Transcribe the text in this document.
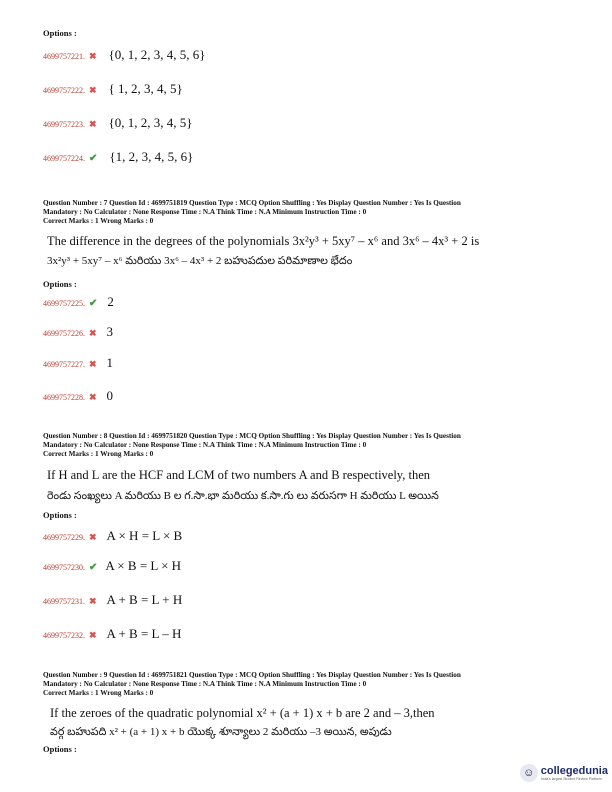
Options :
4699757221. ✖ {0, 1, 2, 3, 4, 5, 6}
4699757222. ✖ { 1, 2, 3, 4, 5}
4699757223. ✖ {0, 1, 2, 3, 4, 5}
4699757224. ✔ {1, 2, 3, 4, 5, 6}
Question Number : 7 Question Id : 4699751819 Question Type : MCQ Option Shuffling : Yes Display Question Number : Yes Is Question
Mandatory : No Calculator : None Response Time : N.A Think Time : N.A Minimum Instruction Time : 0
Correct Marks : 1 Wrong Marks : 0
The difference in the degrees of the polynomials 3x²y³ + 5xy⁷ – x⁶ and 3x⁶ – 4x³ + 2 is
3x²y³ + 5xy⁷ – x⁶ మరియు 3x⁶ – 4x³ + 2 బహుపదుల పరిమాణాల భేదం
Options :
4699757225. ✔ 2
4699757226. ✖ 3
4699757227. ✖ 1
4699757228. ✖ 0
Question Number : 8 Question Id : 4699751820 Question Type : MCQ Option Shuffling : Yes Display Question Number : Yes Is Question
Mandatory : No Calculator : None Response Time : N.A Think Time : N.A Minimum Instruction Time : 0
Correct Marks : 1 Wrong Marks : 0
If H and L are the HCF and LCM of two numbers A and B respectively, then
రెండు సంఖ్యలు A మరియు B ల గ.సా.భా మరియు క.సా.గు లు వరుసగా H మరియు L అయిన
Options :
4699757229. ✖ A × H = L × B
4699757230. ✔ A × B = L × H
4699757231. ✖ A + B = L + H
4699757232. ✖ A + B = L – H
Question Number : 9 Question Id : 4699751821 Question Type : MCQ Option Shuffling : Yes Display Question Number : Yes Is Question
Mandatory : No Calculator : None Response Time : N.A Think Time : N.A Minimum Instruction Time : 0
Correct Marks : 1 Wrong Marks : 0
If the zeroes of the quadratic polynomial x² + (a + 1) x + b are 2 and – 3,then
వర్గ బహుపది x² + (a + 1) x + b యొక్క శూన్యాలు 2 మరియు –3 అయిన, అపుడు
Options :
☺ collegedunia
India's largest Student Review Platform
